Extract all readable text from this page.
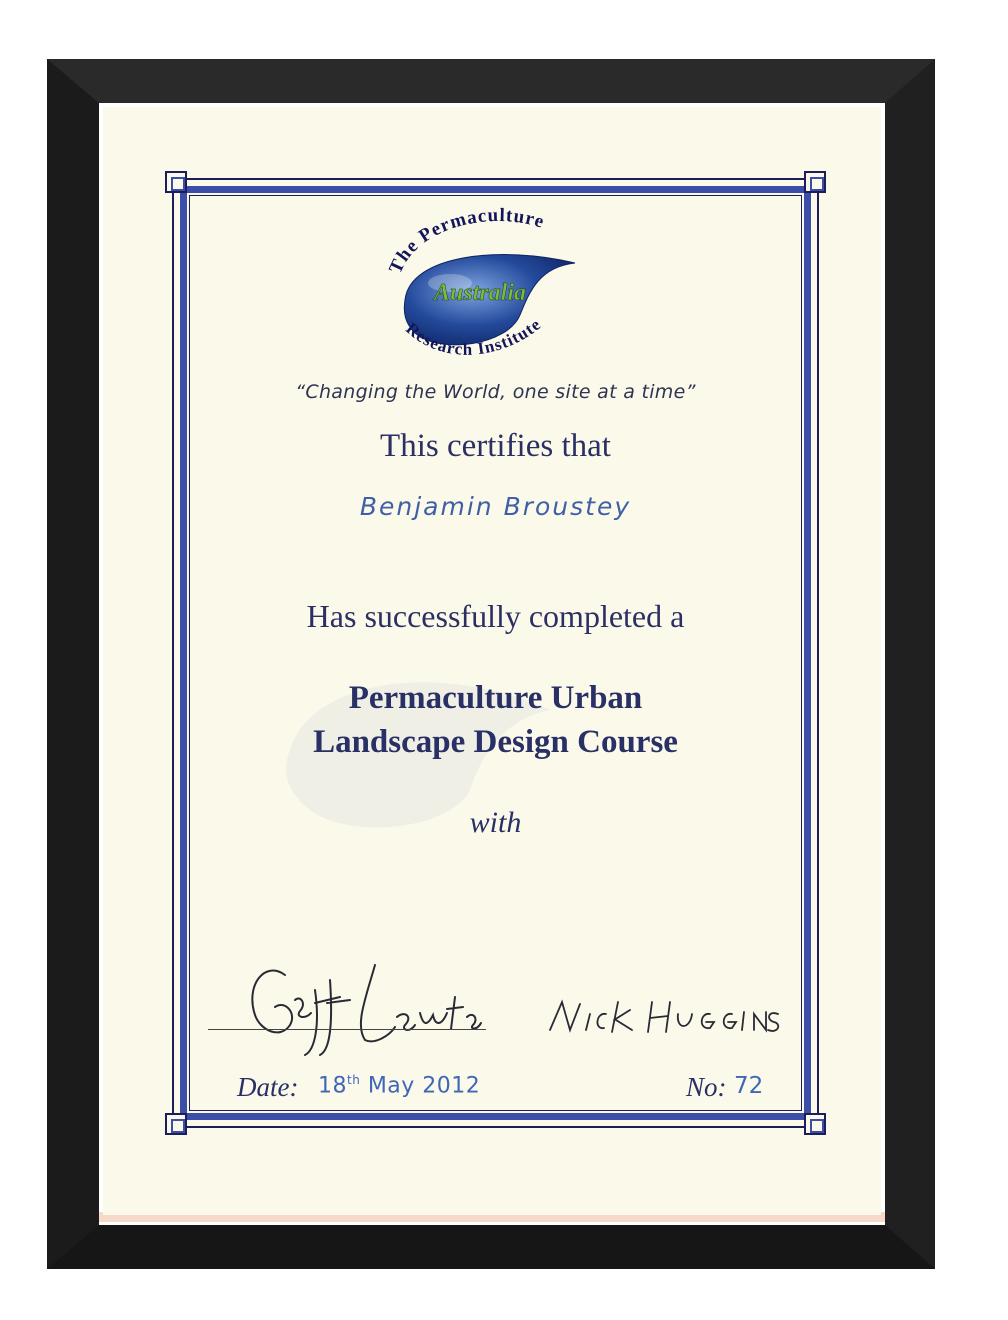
The Permaculture
Australia
Research Institute
“Changing the World, one site at a time”
This certifies that
Benjamin Broustey
Has successfully completed a
Permaculture Urban
Landscape Design Course
with
Date: 18th May 2012	No: 72
